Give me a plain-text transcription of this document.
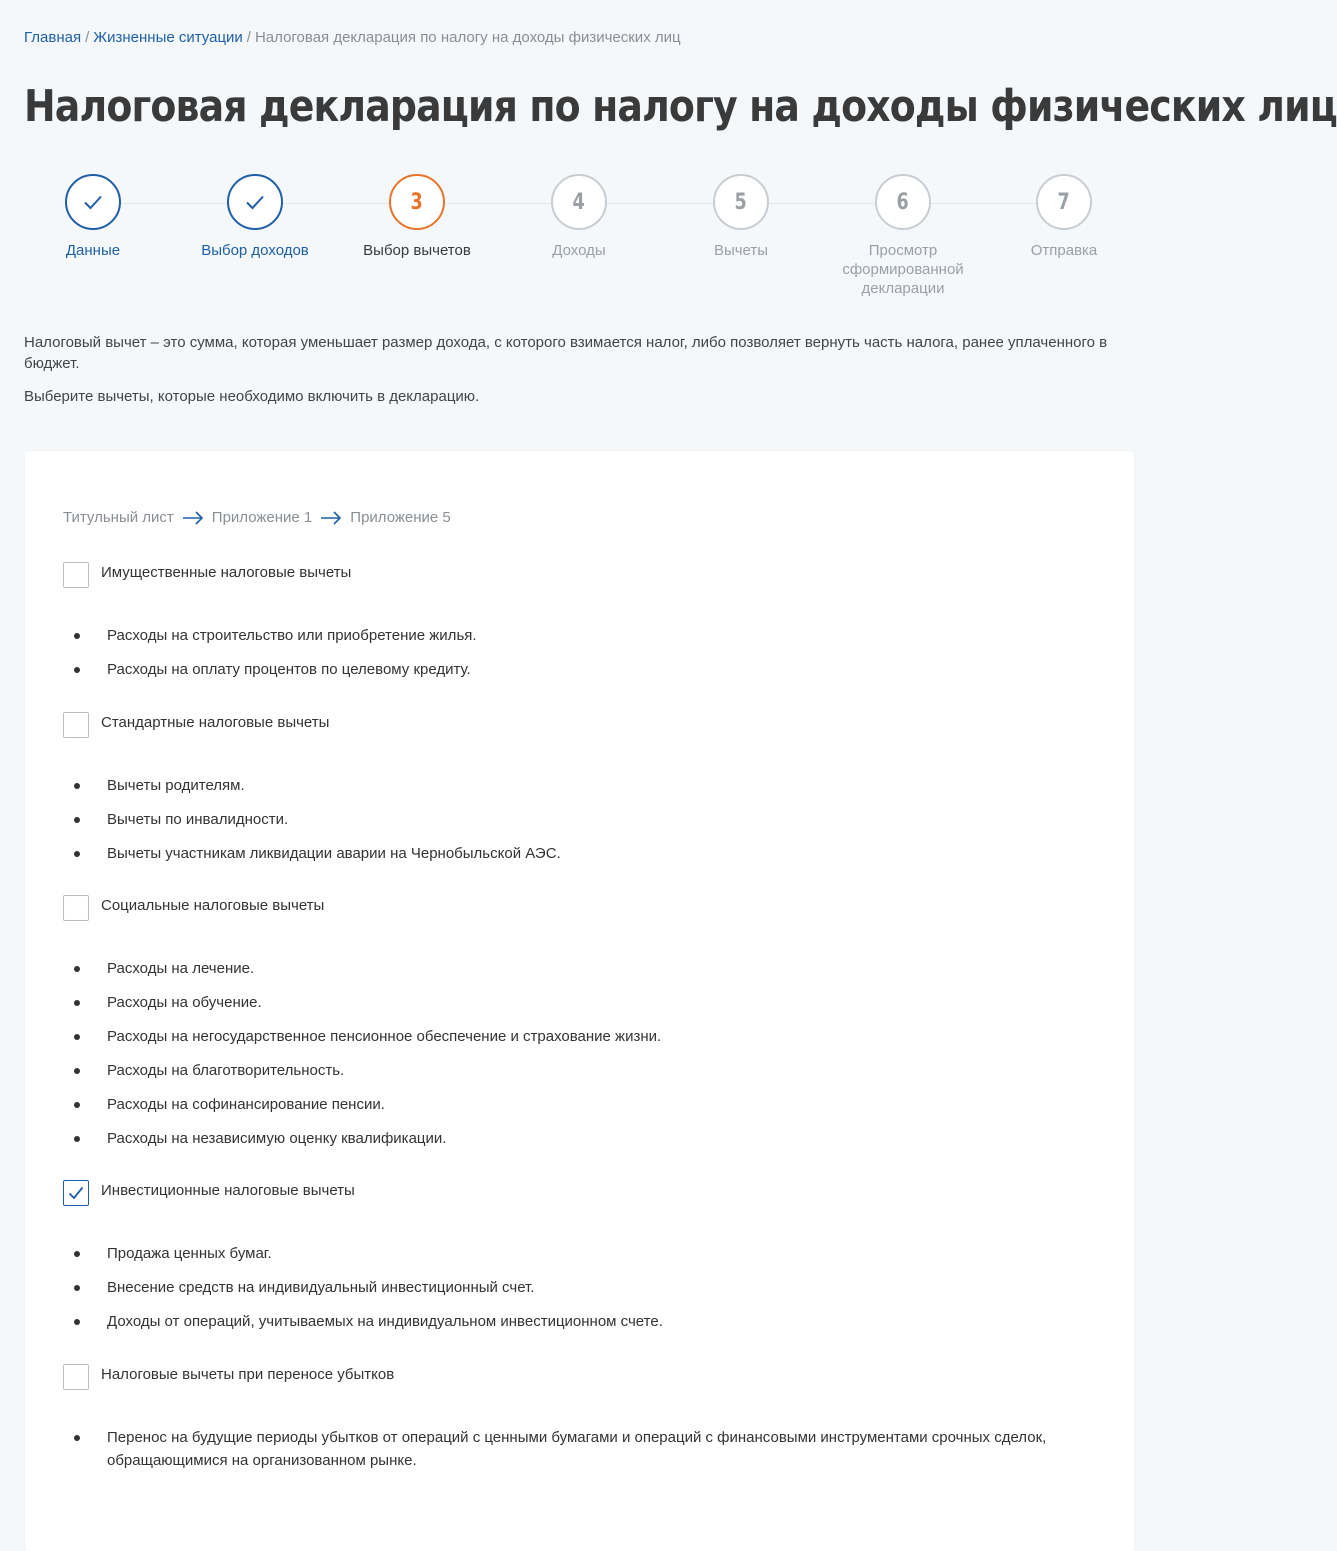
Главная / Жизненные ситуации / Налоговая декларация по налогу на доходы физических лиц
Налоговая декларация по налогу на доходы физических лиц
Данные	Выбор доходов
3
Выбор вычетов
4
Доходы
5
Вычеты
6
Просмотр сформированной декларации
7
Отправка

Налоговый вычет – это сумма, которая уменьшает размер дохода, с которого взимается налог, либо позволяет вернуть часть налога, ранее уплаченного в бюджет.

Выберите вычеты, которые необходимо включить в декларацию.

Титульный лист	Приложение 1	Приложение 5
Имущественные налоговые вычеты
Расходы на строительство или приобретение жилья.
Расходы на оплату процентов по целевому кредиту.
Стандартные налоговые вычеты
Вычеты родителям.
Вычеты по инвалидности.
Вычеты участникам ликвидации аварии на Чернобыльской АЭС.
Социальные налоговые вычеты
Расходы на лечение.
Расходы на обучение.
Расходы на негосударственное пенсионное обеспечение и страхование жизни.
Расходы на благотворительность.
Расходы на софинансирование пенсии.
Расходы на независимую оценку квалификации.
Инвестиционные налоговые вычеты
Продажа ценных бумаг.
Внесение средств на индивидуальный инвестиционный счет.
Доходы от операций, учитываемых на индивидуальном инвестиционном счете.
Налоговые вычеты при переносе убытков
Перенос на будущие периоды убытков от операций с ценными бумагами и операций с финансовыми инструментами срочных сделок, обращающимися на организованном рынке.
